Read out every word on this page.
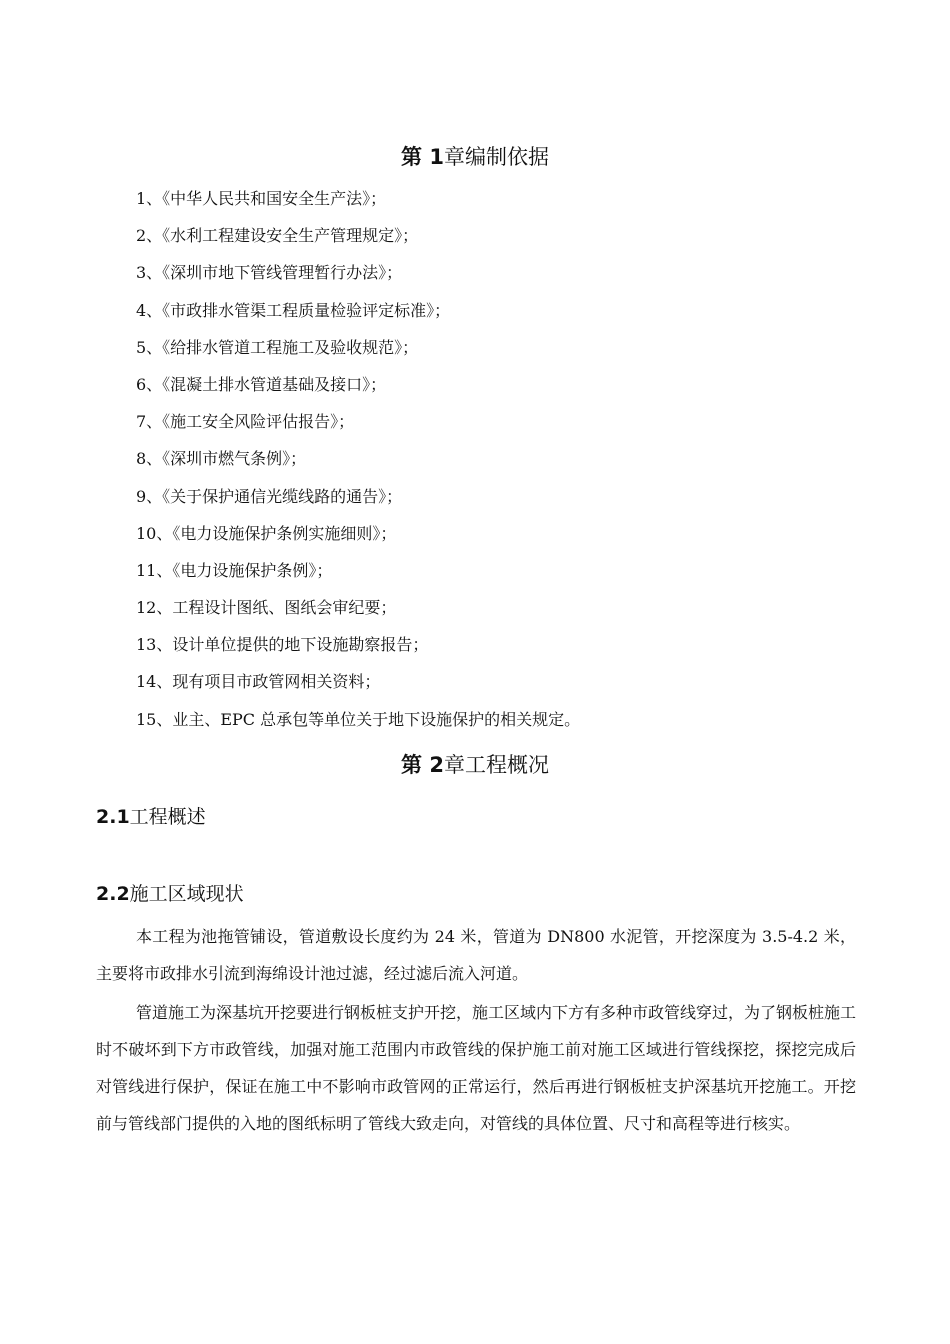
第 1章编制依据
1、《中华人民共和国安全生产法》；
2、《水利工程建设安全生产管理规定》；
3、《深圳市地下管线管理暂行办法》；
4、《市政排水管渠工程质量检验评定标准》；
5、《给排水管道工程施工及验收规范》；
6、《混凝土排水管道基础及接口》；
7、《施工安全风险评估报告》；
8、《深圳市燃气条例》；
9、《关于保护通信光缆线路的通告》；
10、《电力设施保护条例实施细则》；
11、《电力设施保护条例》；
12、工程设计图纸、图纸会审纪要；
13、设计单位提供的地下设施勘察报告；
14、现有项目市政管网相关资料；
15、业主、EPC 总承包等单位关于地下设施保护的相关规定。
第 2章工程概况
2.1工程概述
2.2施工区域现状

本工程为池拖管铺设，管道敷设长度约为 24 米，管道为 DN800 水泥管，开挖深度为 3.5-4.2 米，主要将市政排水引流到海绵设计池过滤，经过滤后流入河道。

管道施工为深基坑开挖要进行钢板桩支护开挖，施工区域内下方有多种市政管线穿过，为了钢板桩施工时不破坏到下方市政管线，加强对施工范围内市政管线的保护施工前对施工区域进行管线探挖，探挖完成后对管线进行保护，保证在施工中不影响市政管网的正常运行，然后再进行钢板桩支护深基坑开挖施工。开挖前与管线部门提供的入地的图纸标明了管线大致走向，对管线的具体位置、尺寸和高程等进行核实。
